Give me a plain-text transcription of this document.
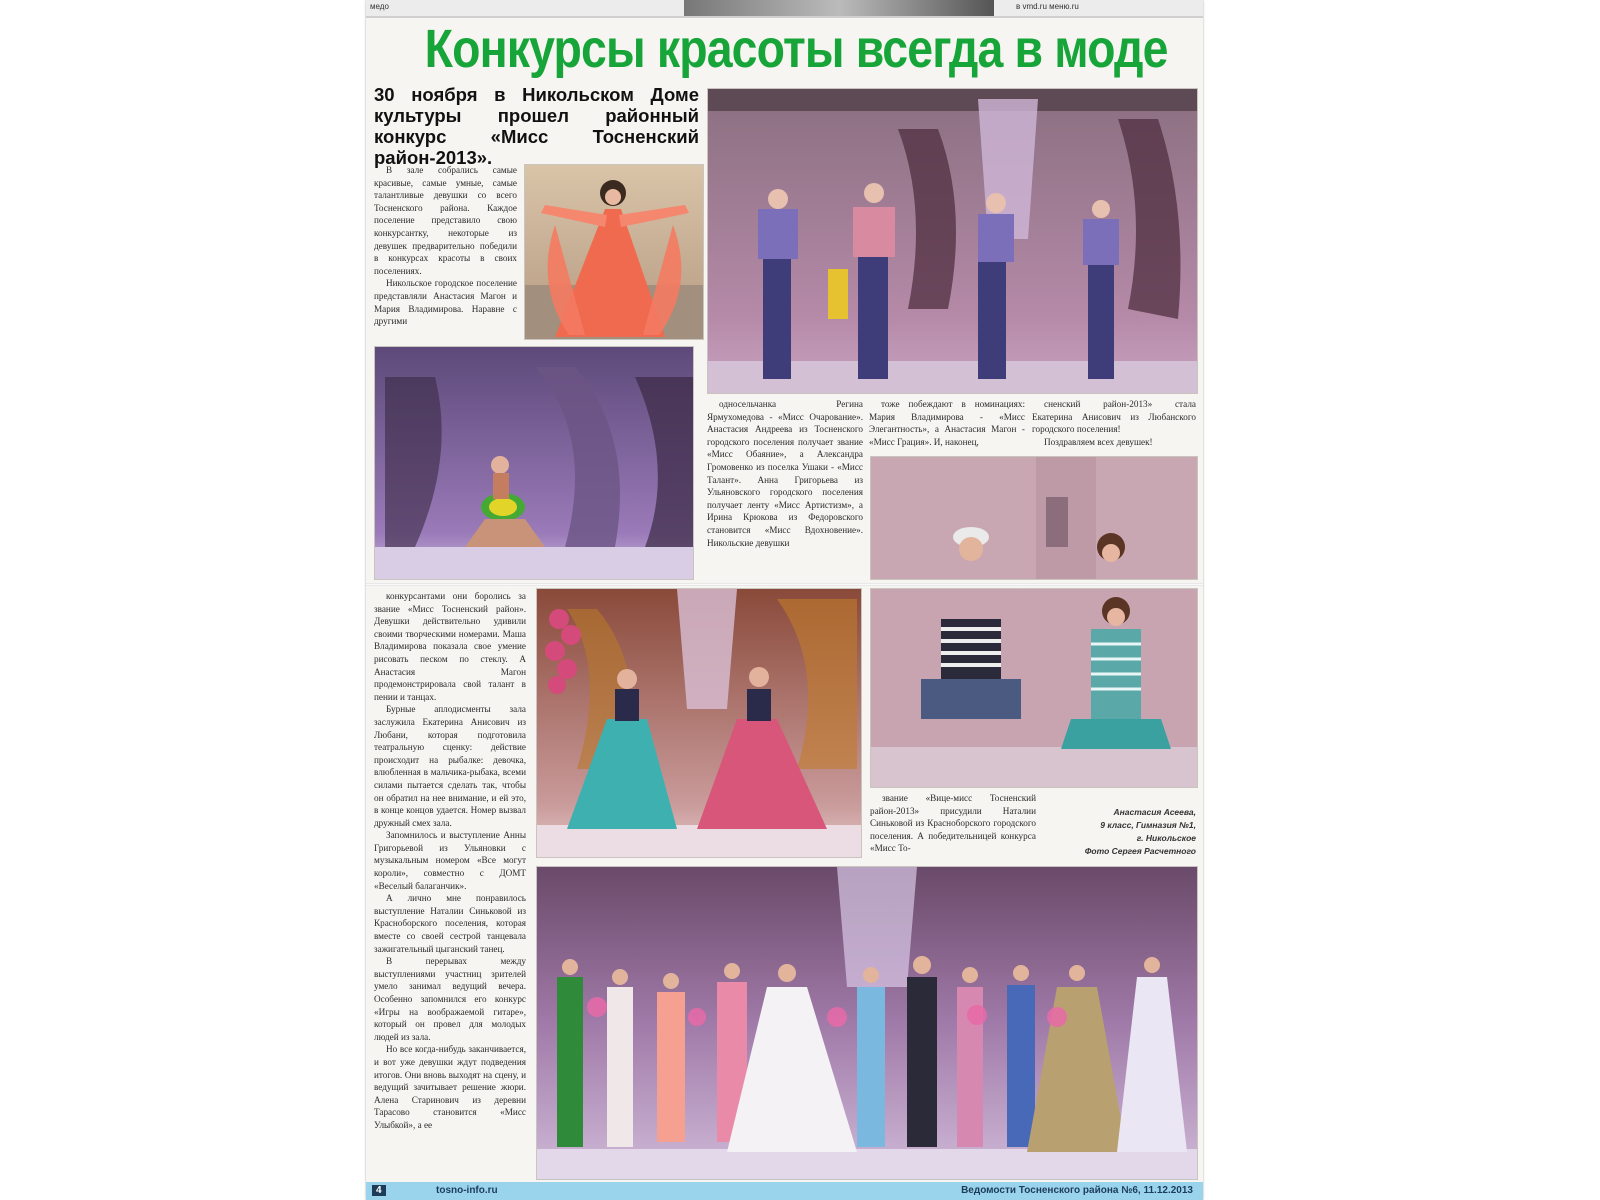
медо	в vmd.ru меню.ru
Конкурсы красоты всегда в моде
30 ноября в Никольском Доме культуры прошел районный конкурс «Мисс Тосненский район-2013».

В зале собрались самые красивые, самые умные, самые талантливые девушки со всего Тосненского района. Каждое поселение представило свою конкурсантку, некоторые из девушек предварительно победили в конкурсах красоты в своих поселениях.

Никольское городское поселение представляли Анастасия Магон и Мария Владимирова. Наравне с другими

односельчанка Регина Ярмухомедова - «Мисс Очарование». Анастасия Андреева из Тосненского городского поселения получает звание «Мисс Обаяние», а Александра Громовенко из поселка Ушаки - «Мисс Талант». Анна Григорьева из Ульяновского городского поселения получает ленту «Мисс Артистизм», а Ирина Крюкова из Федоровского становится «Мисс Вдохновение». Никольские девушки

тоже побеждают в номинациях: Мария Владимирова - «Мисс Элегантность», а Анастасия Магон - «Мисс Грация». И, наконец,

сненский район-2013» стала Екатерина Анисович из Любанского городского поселения!

Поздравляем всех девушек!

конкурсантами они боролись за звание «Мисс Тосненский район». Девушки действительно удивили своими творческими номерами. Маша Владимирова показала свое умение рисовать песком по стеклу. А Анастасия Магон продемонстрировала свой талант в пении и танцах.

Бурные аплодисменты зала заслужила Екатерина Анисович из Любани, которая подготовила театральную сценку: действие происходит на рыбалке: девочка, влюбленная в мальчика-рыбака, всеми силами пытается сделать так, чтобы он обратил на нее внимание, и ей это, в конце концов удается. Номер вызвал дружный смех зала.

Запомнилось и выступление Анны Григорьевой из Ульяновки с музыкальным номером «Все могут короли», совместно с ДОМТ «Веселый балаганчик».

А лично мне понравилось выступление Наталии Синьковой из Красноборского поселения, которая вместе со своей сестрой танцевала зажигательный цыганский танец.

В перерывах между выступлениями участниц зрителей умело занимал ведущий вечера. Особенно запомнился его конкурс «Игры на воображаемой гитаре», который он провел для молодых людей из зала.

Но все когда-нибудь заканчивается, и вот уже девушки ждут подведения итогов. Они вновь выходят на сцену, и ведущий зачитывает решение жюри. Алена Старинович из деревни Тарасово становится «Мисс Улыбкой», а ее

звание «Вице-мисс Тосненский район-2013» присудили Наталии Синьковой из Красноборского городского поселения. А победительницей конкурса «Мисс То-

Анастасия Асеева,
9 класс, Гимназия №1,
г. Никольское
Фото Сергея Расчетного
4	tosno-info.ru	Ведомости Тосненского района №6, 11.12.2013
